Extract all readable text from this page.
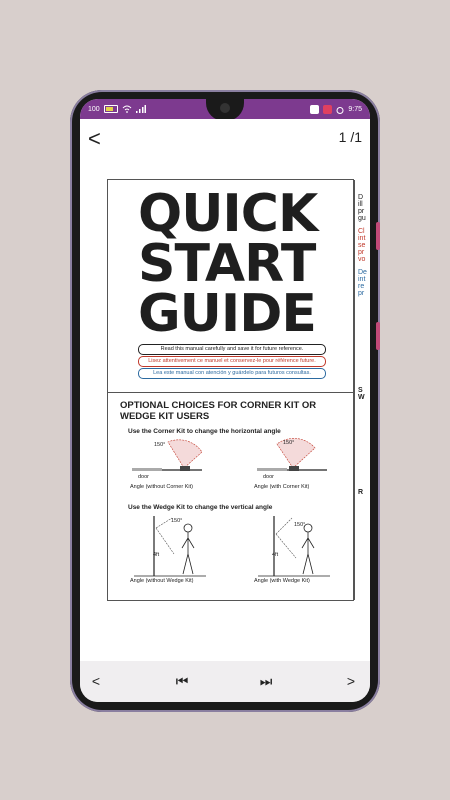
100	9:75
<	1 /1
QUICK
START
GUIDE
Read this manual carefully and save it for future reference.
Lisez attentivement ce manuel et conservez-le pour référence future.
Lea este manual con atención y guárdelo para futuros consultas.
OPTIONAL CHOICES FOR CORNER KIT OR WEDGE KIT USERS
Use the Corner Kit to change the horizontal angle
150°
door
Angle (without Corner Kit)
150°
door
Angle (with Corner Kit)
Use the Wedge Kit to change the vertical angle
150°
4ft
Angle (without Wedge Kit)
150°
4ft
Angle (with Wedge Kit)
D
ill
pr
gu
Cl
int
se
pr
vo
De
int
re
pr
S
W
R
<	⏮	⏭	>
